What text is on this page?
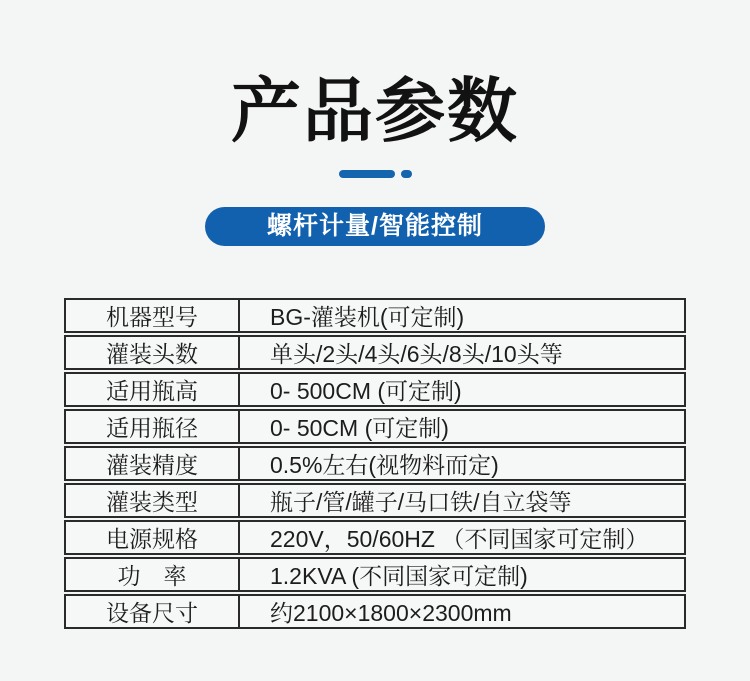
产品参数
螺杆计量/智能控制
机器型号	BG-灌装机(可定制)
灌装头数	单头/2头/4头/6头/8头/10头等
适用瓶高	0- 500CM (可定制)
适用瓶径	0- 50CM (可定制)
灌装精度	0.5%左右(视物料而定)
灌装类型	瓶子/管/罐子/马口铁/自立袋等
电源规格	220V，50/60HZ （不同国家可定制）
功　率	1.2KVA (不同国家可定制)
设备尺寸	约2100×1800×2300mm
